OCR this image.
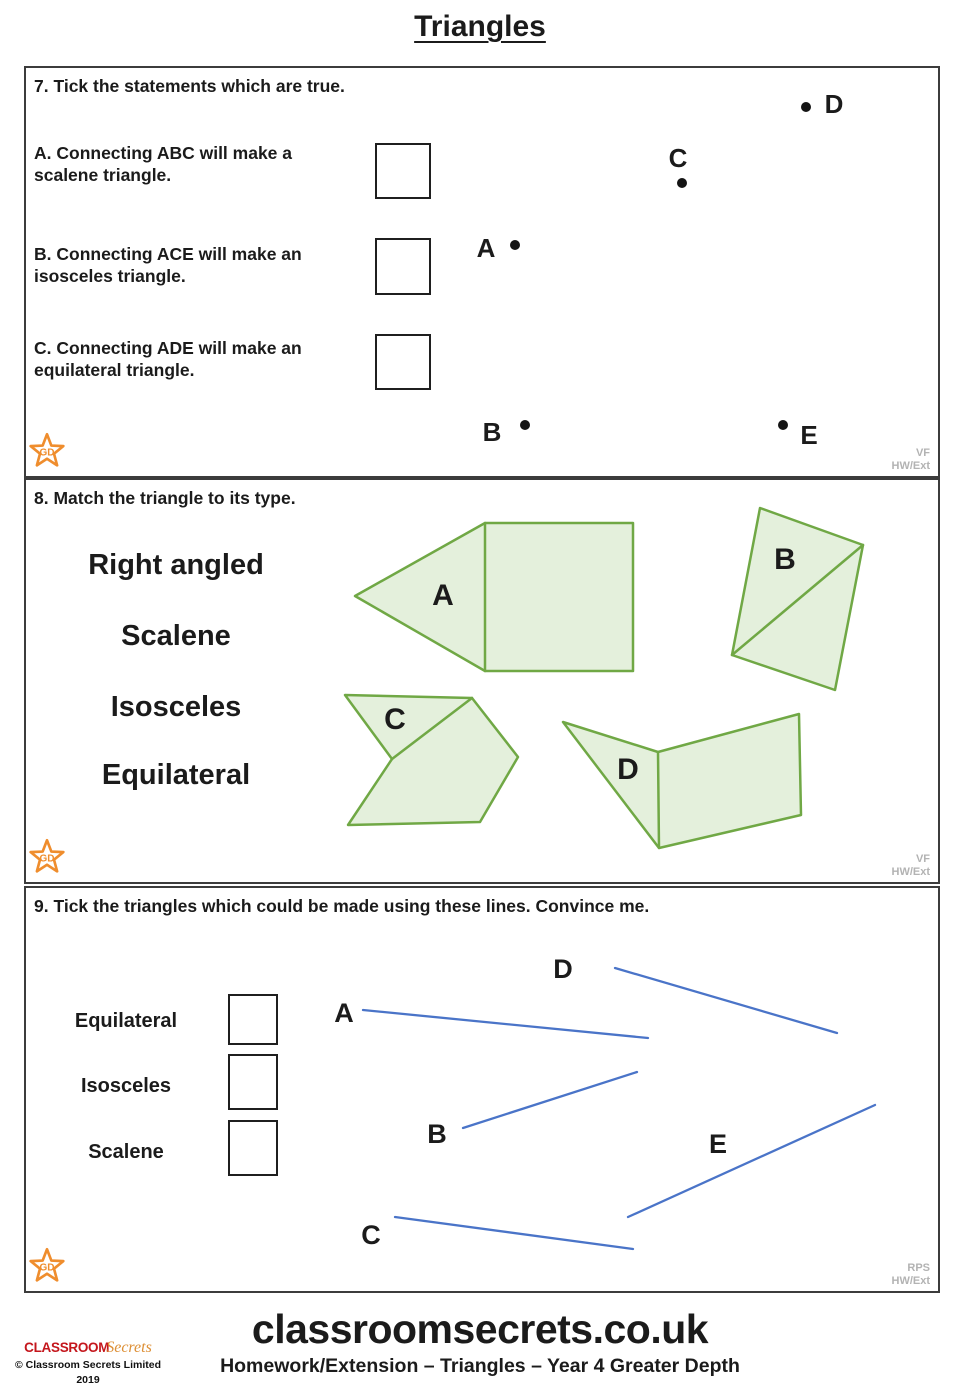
Triangles
D
C
A
B	E
7. Tick the statements which are true.
A. Connecting ABC will make a
scalene triangle.
B. Connecting ACE will make an
isosceles triangle.
C. Connecting ADE will make an
equilateral triangle.
GD	VF
HW/Ext
A
B
C
D
8. Match the triangle to its type.
Right angled
Scalene
Isosceles
Equilateral
GD	VF
HW/Ext
A
D
B	E
C
9. Tick the triangles which could be made using these lines. Convince me.
Equilateral
Isosceles
Scalene
GD	RPS
HW/Ext
CLASSROOMSecrets
© Classroom Secrets Limited 2019
classroomsecrets.co.uk
Homework/Extension – Triangles – Year 4 Greater Depth
